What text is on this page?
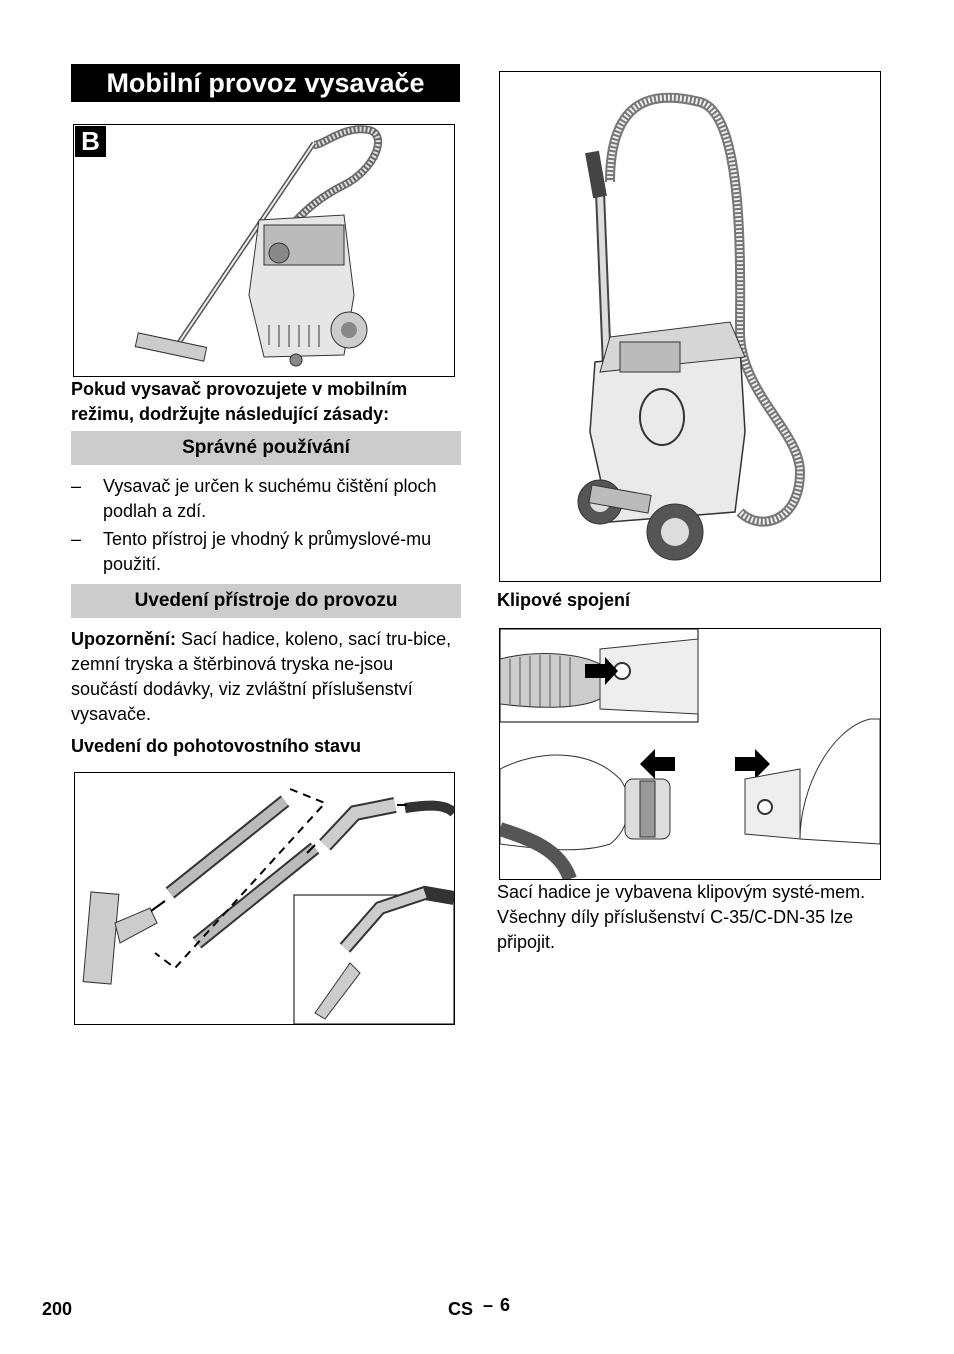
Mobilní provoz vysavače
B
Pokud vysavač provozujete v mobilním režimu, dodržujte následující zásady:
Správné používání
– Vysavač je určen k suchému čištění ploch podlah a zdí.
– Tento přístroj je vhodný k průmyslové-mu použití.
Uvedení přístroje do provozu
Upozornění: Sací hadice, koleno, sací tru-bice, zemní tryska a štěrbinová tryska ne-jsou součástí dodávky, viz zvláštní příslušenství vysavače.
Uvedení do pohotovostního stavu
Klipové spojení
Sací hadice je vybavena klipovým systé-mem. Všechny díly příslušenství C-35/C-DN-35 lze připojit.
200	CS – 6
